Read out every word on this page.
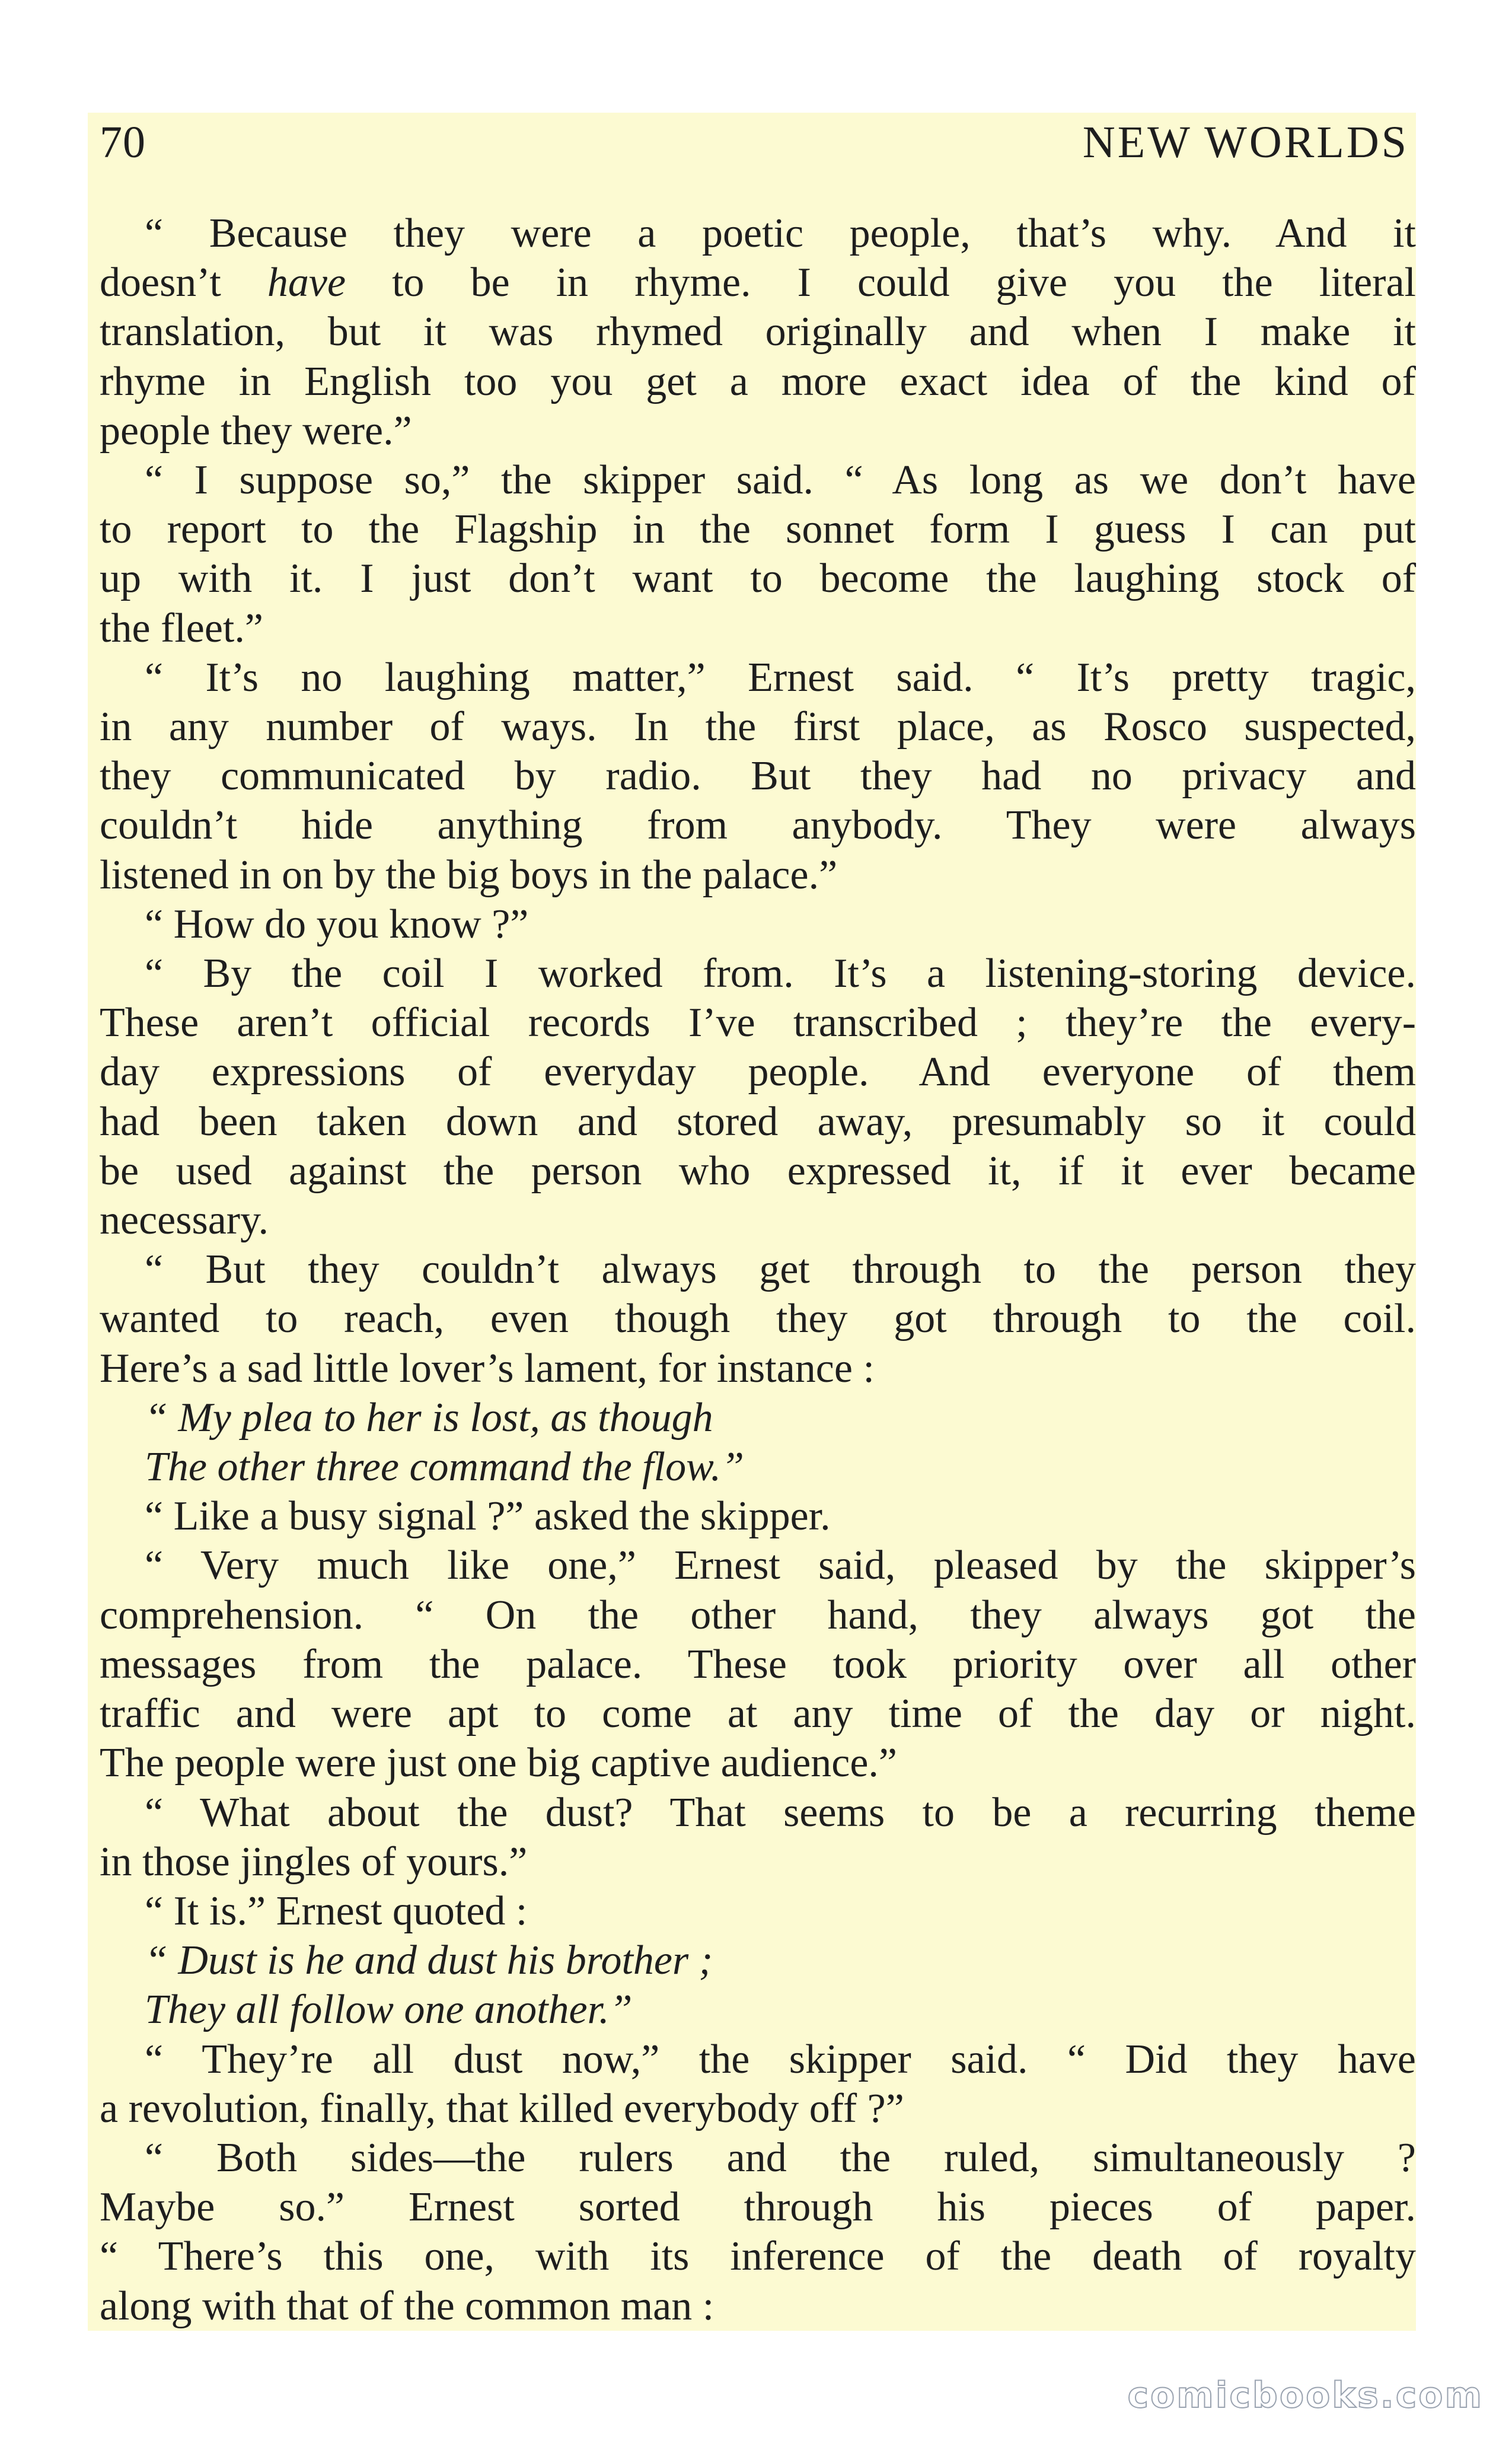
70	NEW WORLDS
“ Because they were a poetic people, that’s why. And it
doesn’t have to be in rhyme. I could give you the literal
translation, but it was rhymed originally and when I make it
rhyme in English too you get a more exact idea of the kind of
people they were.”
“ I suppose so,” the skipper said. “ As long as we don’t have
to report to the Flagship in the sonnet form I guess I can put
up with it. I just don’t want to become the laughing stock of
the fleet.”
“ It’s no laughing matter,” Ernest said. “ It’s pretty tragic,
in any number of ways. In the first place, as Rosco suspected,
they communicated by radio. But they had no privacy and
couldn’t hide anything from anybody. They were always
listened in on by the big boys in the palace.”
“ How do you know ?”
“ By the coil I worked from. It’s a listening-storing device.
These aren’t official records I’ve transcribed ; they’re the every-
day expressions of everyday people. And everyone of them
had been taken down and stored away, presumably so it could
be used against the person who expressed it, if it ever became
necessary.
“ But they couldn’t always get through to the person they
wanted to reach, even though they got through to the coil.
Here’s a sad little lover’s lament, for instance :
“ My plea to her is lost, as though
The other three command the flow.”
“ Like a busy signal ?” asked the skipper.
“ Very much like one,” Ernest said, pleased by the skipper’s
comprehension. “ On the other hand, they always got the
messages from the palace. These took priority over all other
traffic and were apt to come at any time of the day or night.
The people were just one big captive audience.”
“ What about the dust? That seems to be a recurring theme
in those jingles of yours.”
“ It is.” Ernest quoted :
“ Dust is he and dust his brother ;
They all follow one another.”
“ They’re all dust now,” the skipper said. “ Did they have
a revolution, finally, that killed everybody off ?”
“ Both sides—the rulers and the ruled, simultaneously ?
Maybe so.” Ernest sorted through his pieces of paper.
“ There’s this one, with its inference of the death of royalty
along with that of the common man :
comicbooks.com
